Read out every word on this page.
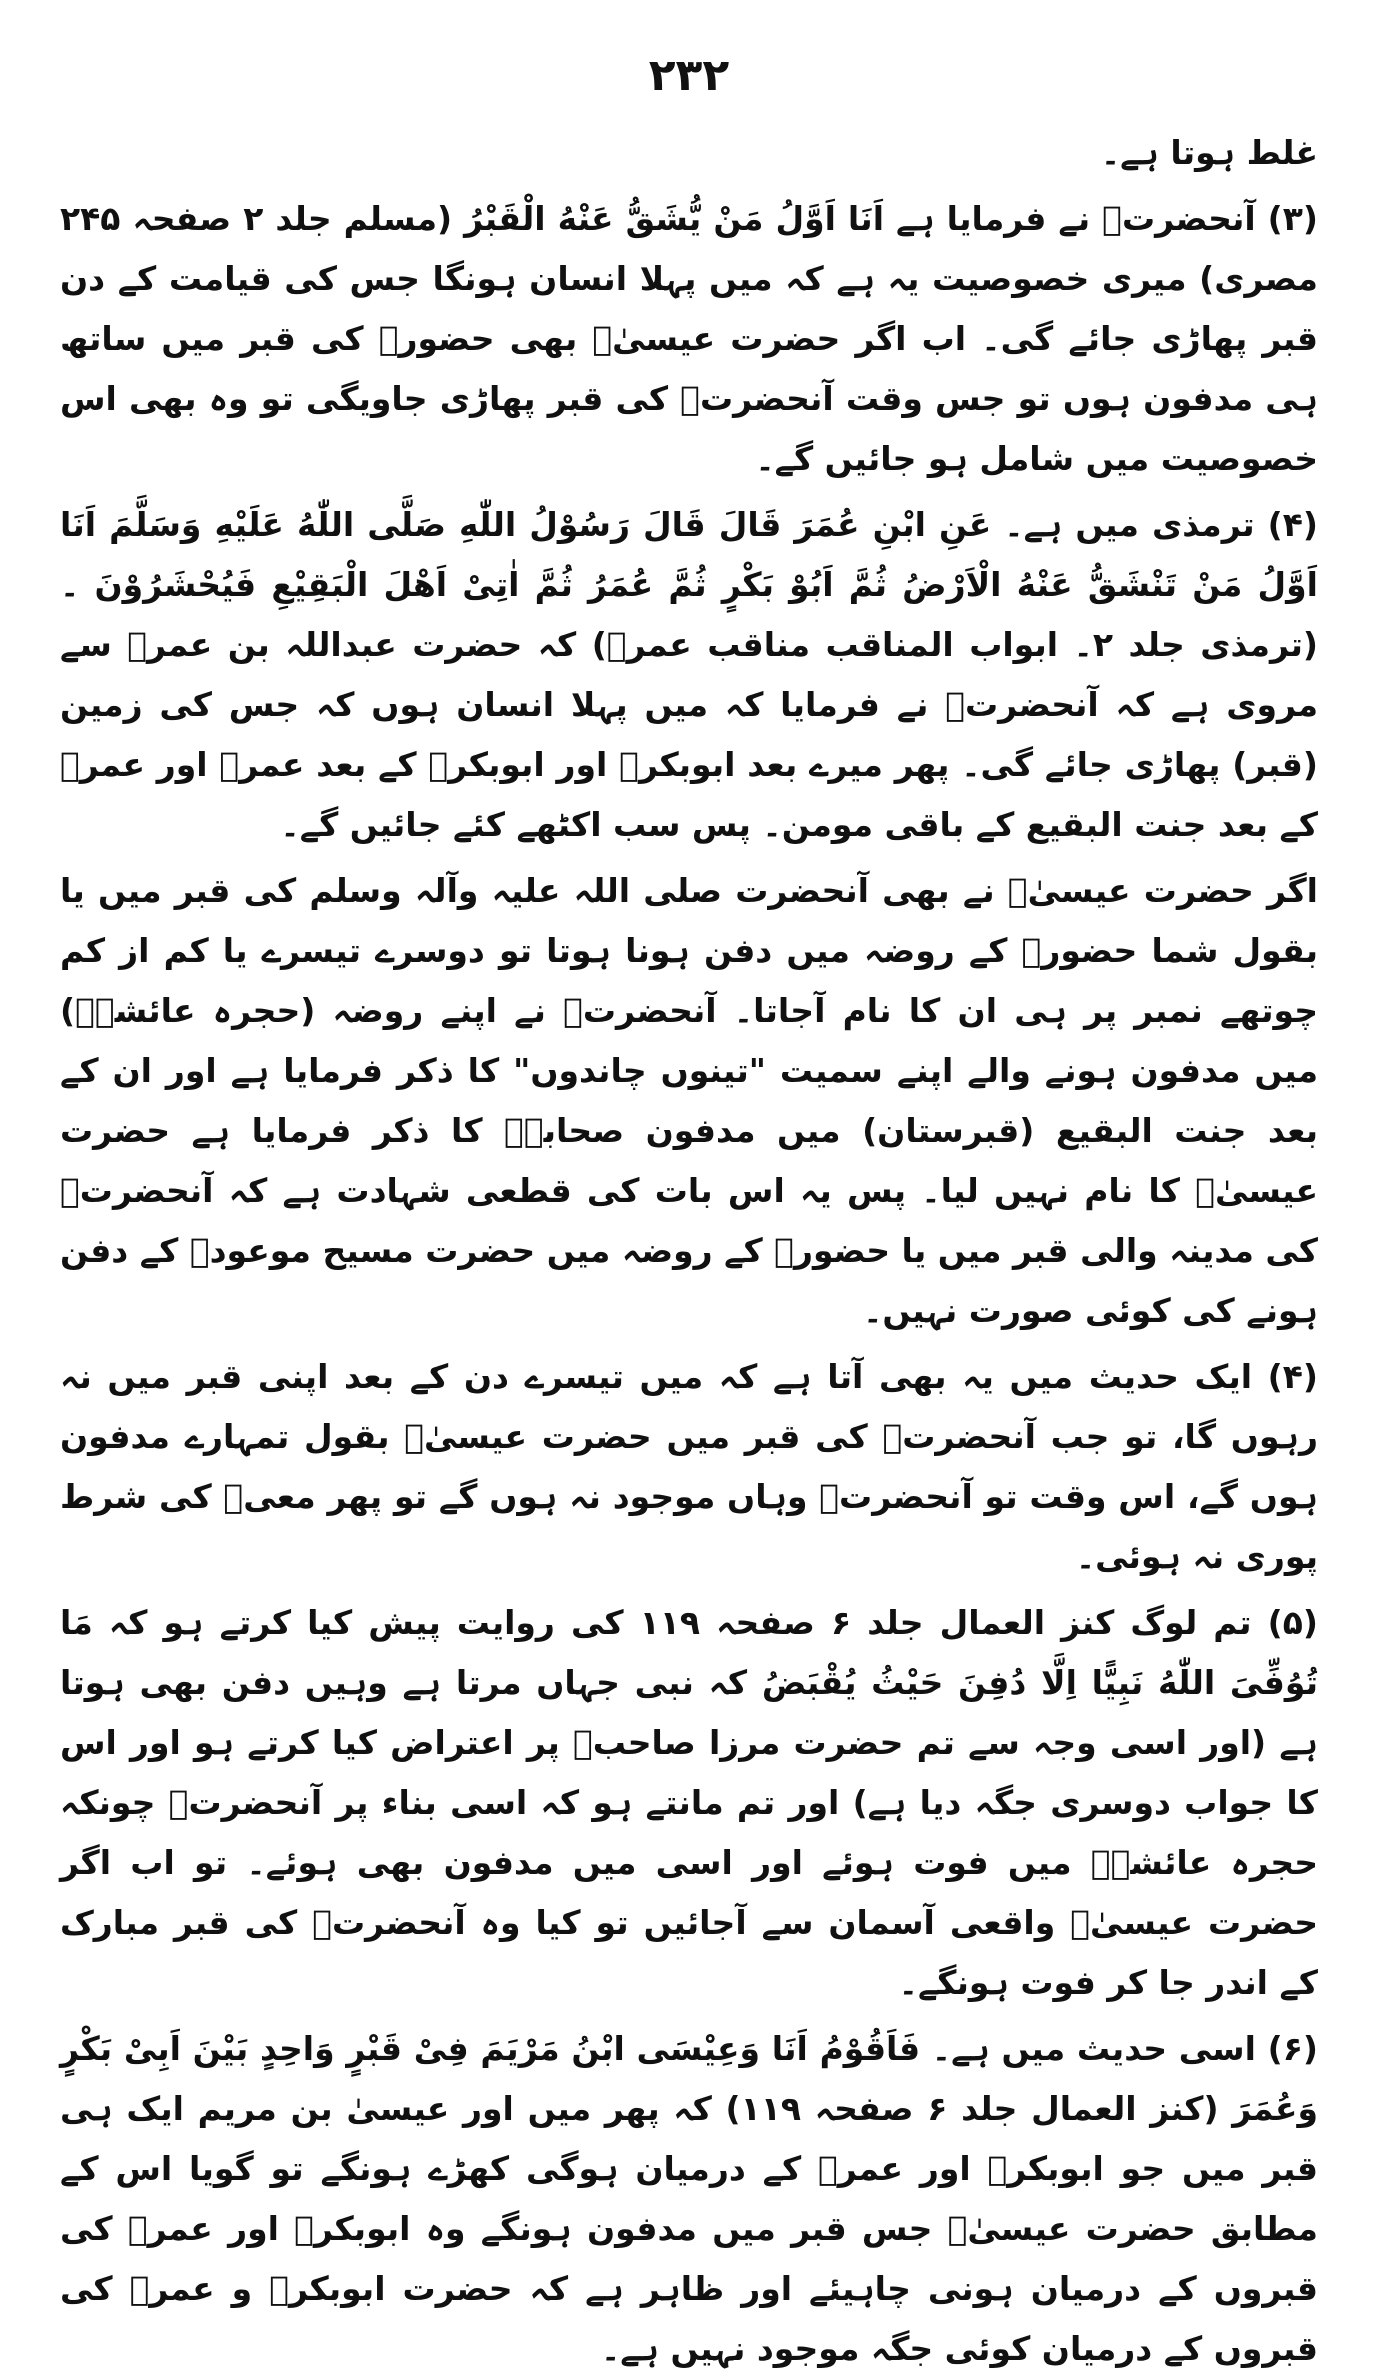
۲۳۲

غلط ہوتا ہے۔

(۳) آنحضرتؐ نے فرمایا ہے اَنَا اَوَّلُ مَنْ یُّشَقُّ عَنْهُ الْقَبْرُ (مسلم جلد ۲ صفحہ ۲۴۵ مصری) میری خصوصیت یہ ہے کہ میں پہلا انسان ہونگا جس کی قیامت کے دن قبر پھاڑی جائے گی۔ اب اگر حضرت عیسیٰؑ بھی حضورؐ کی قبر میں ساتھ ہی مدفون ہوں تو جس وقت آنحضرتؐ کی قبر پھاڑی جاویگی تو وہ بھی اس خصوصیت میں شامل ہو جائیں گے۔

(۴) ترمذی میں ہے۔ عَنِ ابْنِ عُمَرَ قَالَ قَالَ رَسُوْلُ اللّٰهِ صَلَّی اللّٰهُ عَلَیْهِ وَسَلَّمَ اَنَا اَوَّلُ مَنْ تَنْشَقُّ عَنْهُ الْاَرْضُ ثُمَّ اَبُوْ بَکْرٍ ثُمَّ عُمَرُ ثُمَّ اٰتِیْ اَهْلَ الْبَقِیْعِ فَیُحْشَرُوْنَ ۔ (ترمذی جلد ۲۔ ابواب المناقب مناقب عمرؓ) کہ حضرت عبداللہ بن عمرؓ سے مروی ہے کہ آنحضرتؐ نے فرمایا کہ میں پہلا انسان ہوں کہ جس کی زمین (قبر) پھاڑی جائے گی۔ پھر میرے بعد ابوبکرؓ اور ابوبکرؓ کے بعد عمرؓ اور عمرؓ کے بعد جنت البقیع کے باقی مومن۔ پس سب اکٹھے کئے جائیں گے۔

اگر حضرت عیسیٰؑ نے بھی آنحضرت صلی اللہ علیہ وآلہ وسلم کی قبر میں یا بقول شما حضورؐ کے روضہ میں دفن ہونا ہوتا تو دوسرے تیسرے یا کم از کم چوتھے نمبر پر ہی ان کا نام آجاتا۔ آنحضرتؐ نے اپنے روضہ (حجرہ عائشہؓ) میں مدفون ہونے والے اپنے سمیت "تینوں چاندوں" کا ذکر فرمایا ہے اور ان کے بعد جنت البقیع (قبرستان) میں مدفون صحابہؓ کا ذکر فرمایا ہے حضرت عیسیٰؑ کا نام نہیں لیا۔ پس یہ اس بات کی قطعی شہادت ہے کہ آنحضرتؐ کی مدینہ والی قبر میں یا حضورؐ کے روضہ میں حضرت مسیح موعودؑ کے دفن ہونے کی کوئی صورت نہیں۔

(۴) ایک حدیث میں یہ بھی آتا ہے کہ میں تیسرے دن کے بعد اپنی قبر میں نہ رہوں گا، تو جب آنحضرتؐ کی قبر میں حضرت عیسیٰؑ بقول تمہارے مدفون ہوں گے، اس وقت تو آنحضرتؐ وہاں موجود نہ ہوں گے تو پھر معیؑ کی شرط پوری نہ ہوئی۔

(۵) تم لوگ کنز العمال جلد ۶ صفحہ ۱۱۹ کی روایت پیش کیا کرتے ہو کہ مَا تُوُفِّیَ اللّٰهُ نَبِیًّا اِلَّا دُفِنَ حَیْثُ یُقْبَضُ کہ نبی جہاں مرتا ہے وہیں دفن بھی ہوتا ہے (اور اسی وجہ سے تم حضرت مرزا صاحبؑ پر اعتراض کیا کرتے ہو اور اس کا جواب دوسری جگہ دیا ہے) اور تم مانتے ہو کہ اسی بناء پر آنحضرتؐ چونکہ حجرہ عائشہؓ میں فوت ہوئے اور اسی میں مدفون بھی ہوئے۔ تو اب اگر حضرت عیسیٰؑ واقعی آسمان سے آجائیں تو کیا وہ آنحضرتؐ کی قبر مبارک کے اندر جا کر فوت ہونگے۔

(۶) اسی حدیث میں ہے۔ فَاَقُوْمُ اَنَا وَعِیْسَی ابْنُ مَرْیَمَ فِیْ قَبْرٍ وَاحِدٍ بَیْنَ اَبِیْ بَکْرٍ وَعُمَرَ (کنز العمال جلد ۶ صفحہ ۱۱۹) کہ پھر میں اور عیسیٰ بن مریم ایک ہی قبر میں جو ابوبکرؓ اور عمرؓ کے درمیان ہوگی کھڑے ہونگے تو گویا اس کے مطابق حضرت عیسیٰؑ جس قبر میں مدفون ہونگے وہ ابوبکرؓ اور عمرؓ کی قبروں کے درمیان ہونی چاہیئے اور ظاہر ہے کہ حضرت ابوبکرؓ و عمرؓ کی قبروں کے درمیان کوئی جگہ موجود نہیں ہے۔
